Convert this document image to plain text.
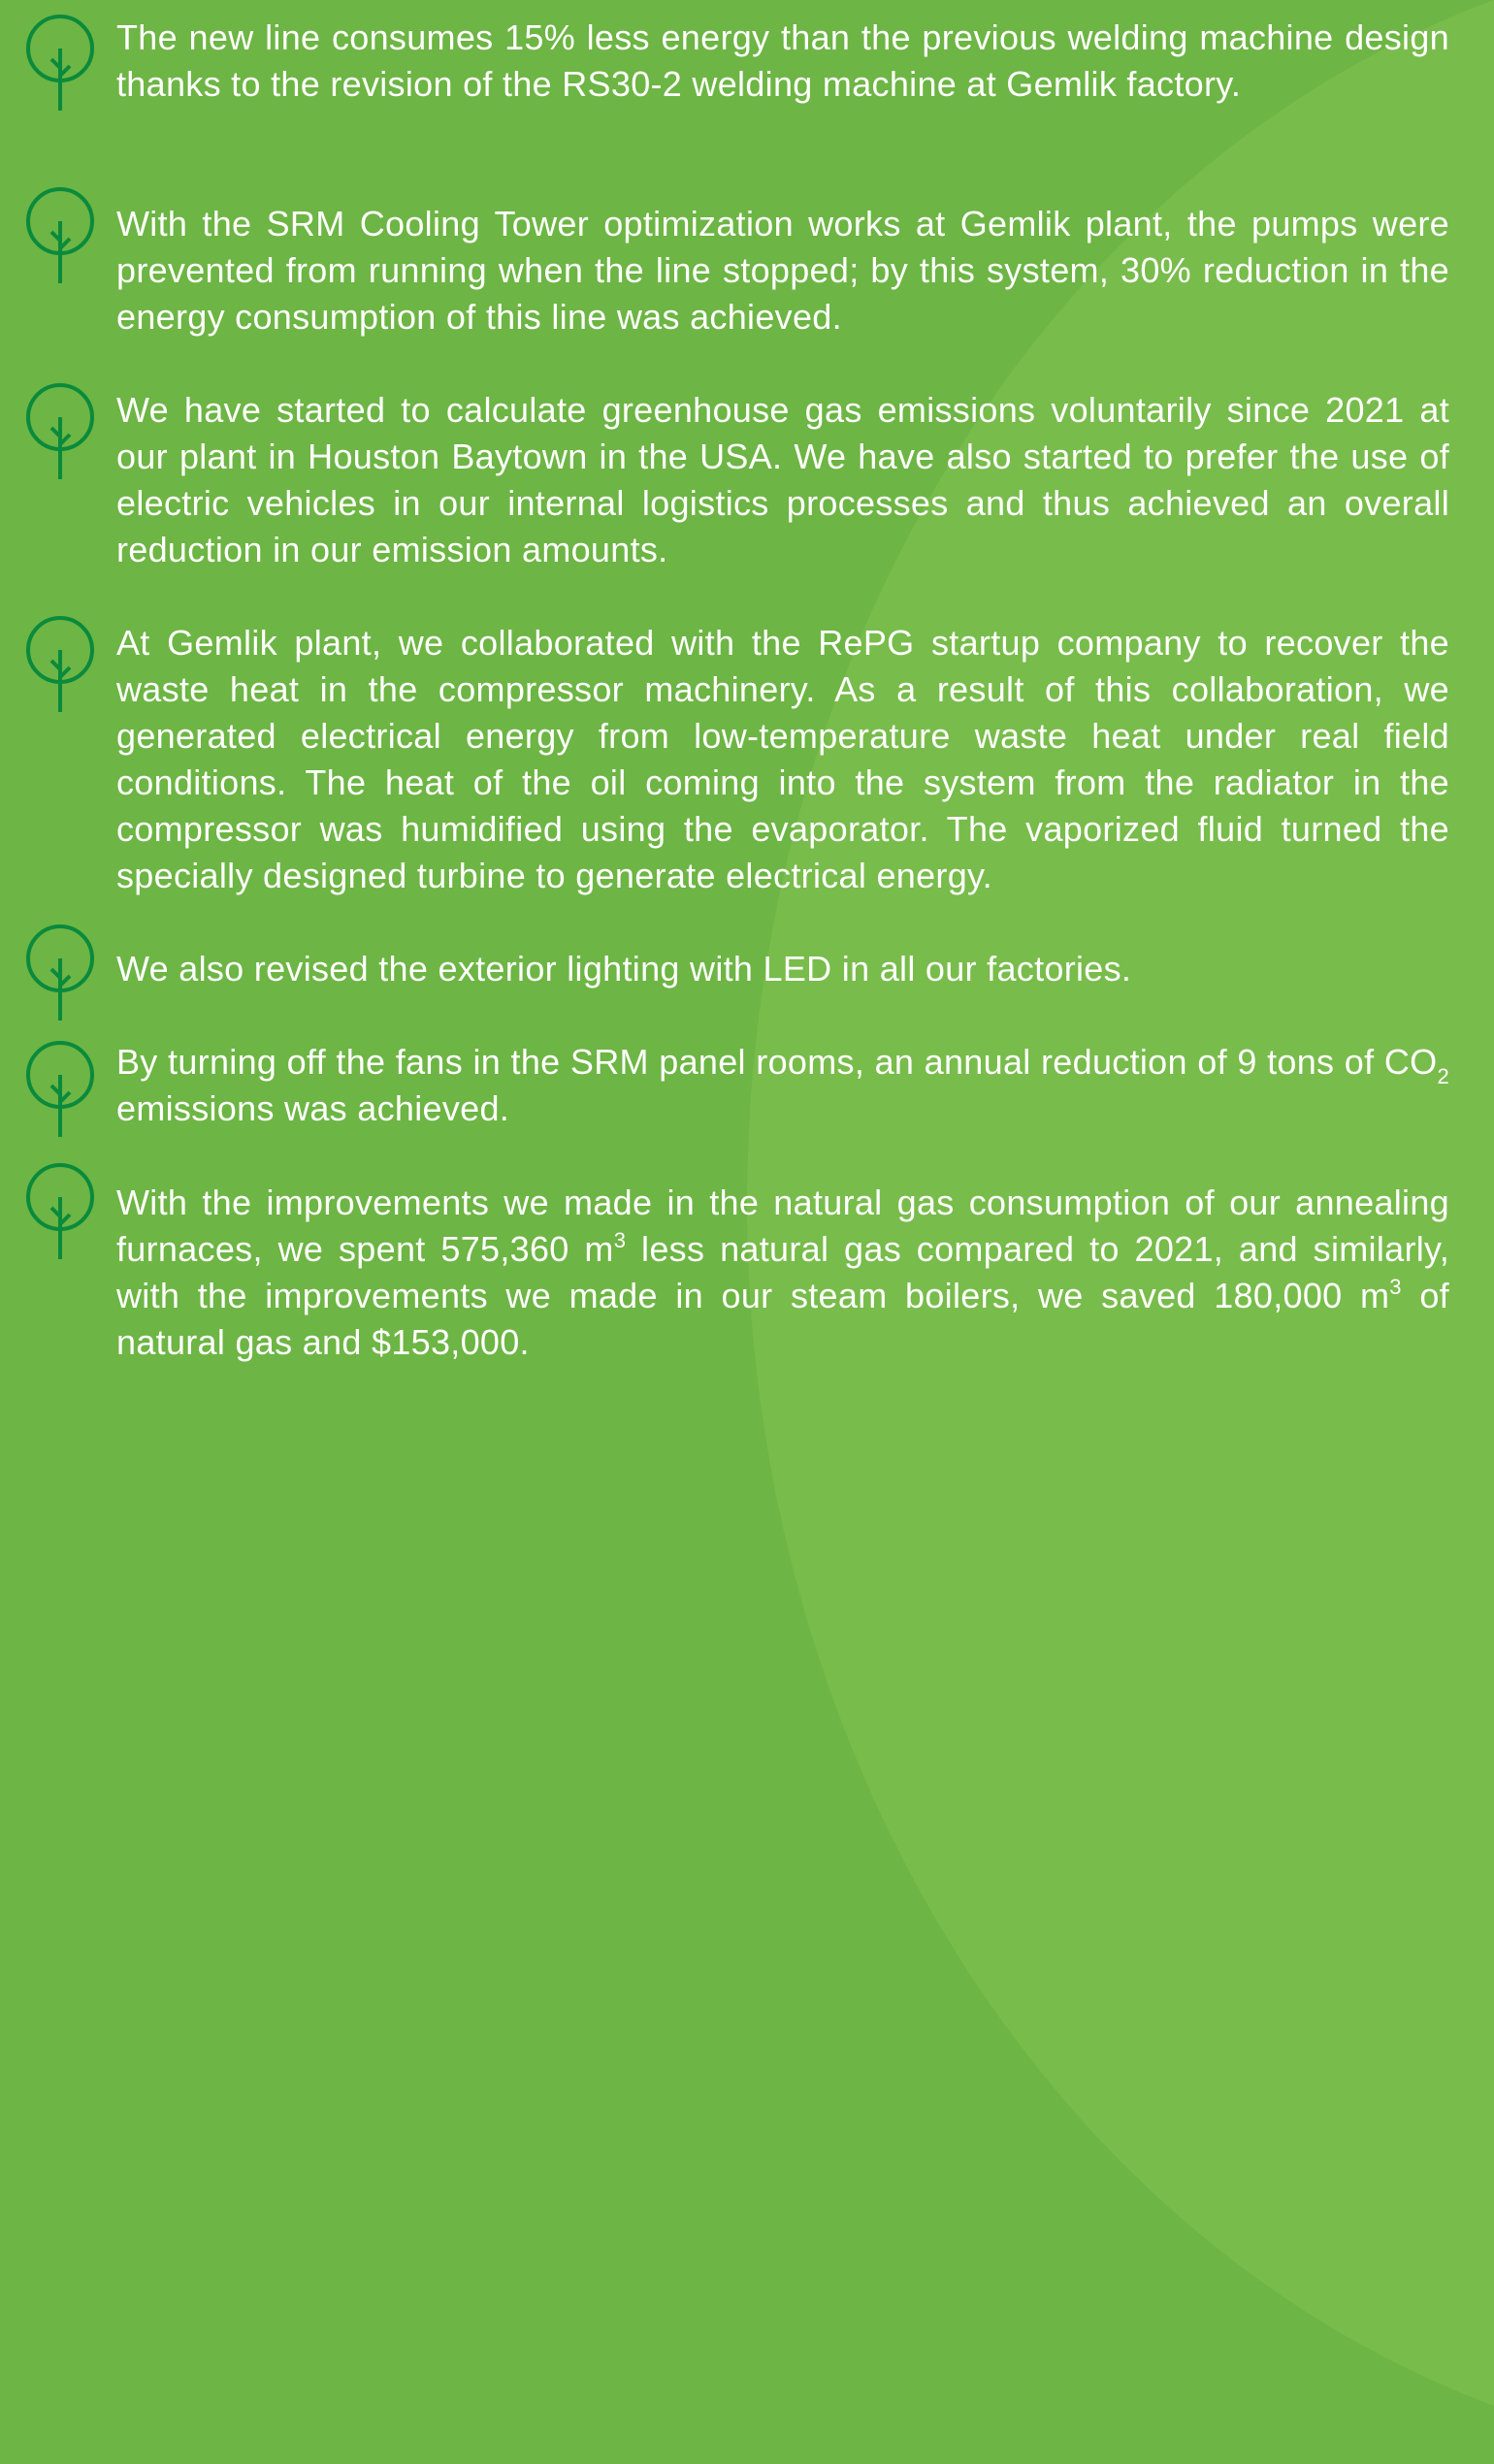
The new line consumes 15% less energy than the previous welding machine design thanks to the revision of the RS30-2 welding machine at Gemlik factory.

With the SRM Cooling Tower optimization works at Gemlik plant, the pumps were prevented from running when the line stopped; by this system, 30% reduction in the energy consumption of this line was achieved.

We have started to calculate greenhouse gas emissions voluntarily since 2021 at our plant in Houston Baytown in the USA. We have also started to prefer the use of electric vehicles in our internal logistics processes and thus achieved an overall reduction in our emission amounts.

At Gemlik plant, we collaborated with the RePG startup company to recover the waste heat in the compressor machinery. As a result of this collaboration, we generated electrical energy from low-temperature waste heat under real field conditions. The heat of the oil coming into the system from the radiator in the compressor was humidified using the evaporator. The vaporized fluid turned the specially designed turbine to generate electrical energy.

We also revised the exterior lighting with LED in all our factories.

By turning off the fans in the SRM panel rooms, an annual reduction of 9 tons of $CO_2$ emissions was achieved.

With the improvements we made in the natural gas consumption of our annealing furnaces, we spent 575,360 $m^3$ less natural gas compared to 2021, and similarly, with the improvements we made in our steam boilers, we saved 180,000 $m^3$ of natural gas and $153,000.
